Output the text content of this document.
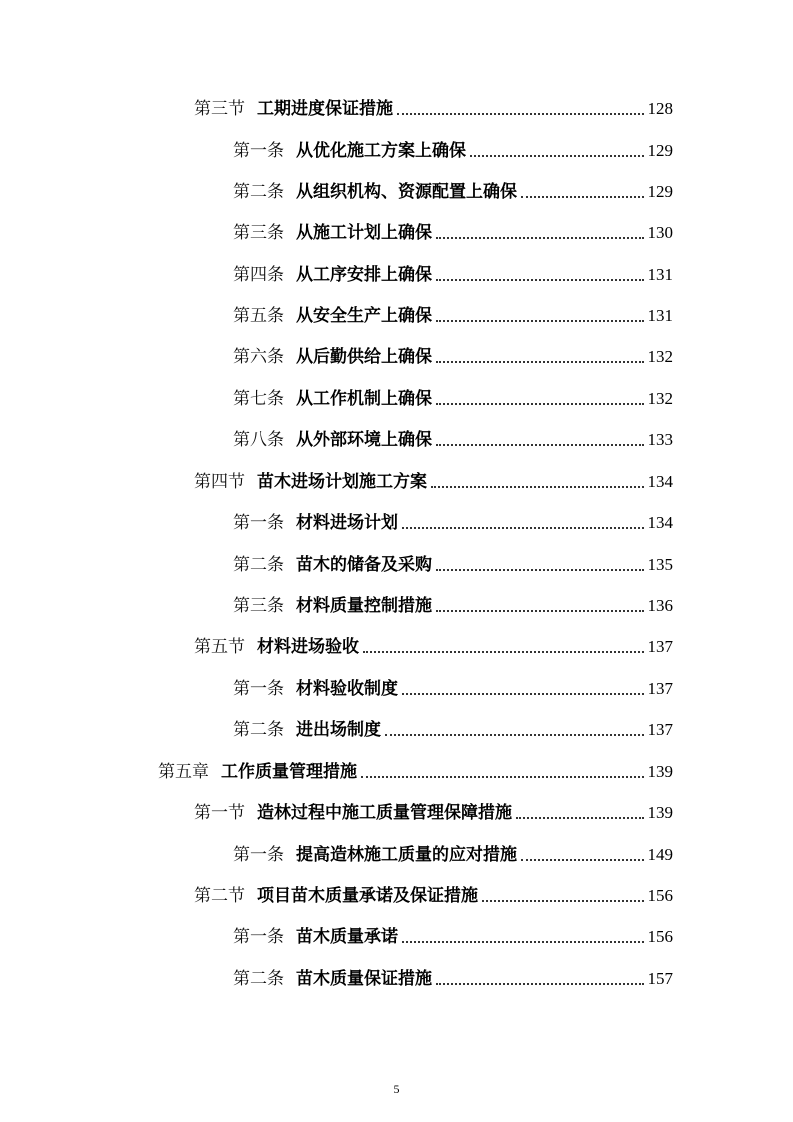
第三节 工期进度保证措施	128
第一条 从优化施工方案上确保	129
第二条 从组织机构、资源配置上确保	129
第三条 从施工计划上确保	130
第四条 从工序安排上确保	131
第五条 从安全生产上确保	131
第六条 从后勤供给上确保	132
第七条 从工作机制上确保	132
第八条 从外部环境上确保	133
第四节 苗木进场计划施工方案	134
第一条 材料进场计划	134
第二条 苗木的储备及采购	135
第三条 材料质量控制措施	136
第五节 材料进场验收	137
第一条 材料验收制度	137
第二条 进出场制度	137
第五章 工作质量管理措施	139
第一节 造林过程中施工质量管理保障措施	139
第一条 提高造林施工质量的应对措施	149
第二节 项目苗木质量承诺及保证措施	156
第一条 苗木质量承诺	156
第二条 苗木质量保证措施	157
5
